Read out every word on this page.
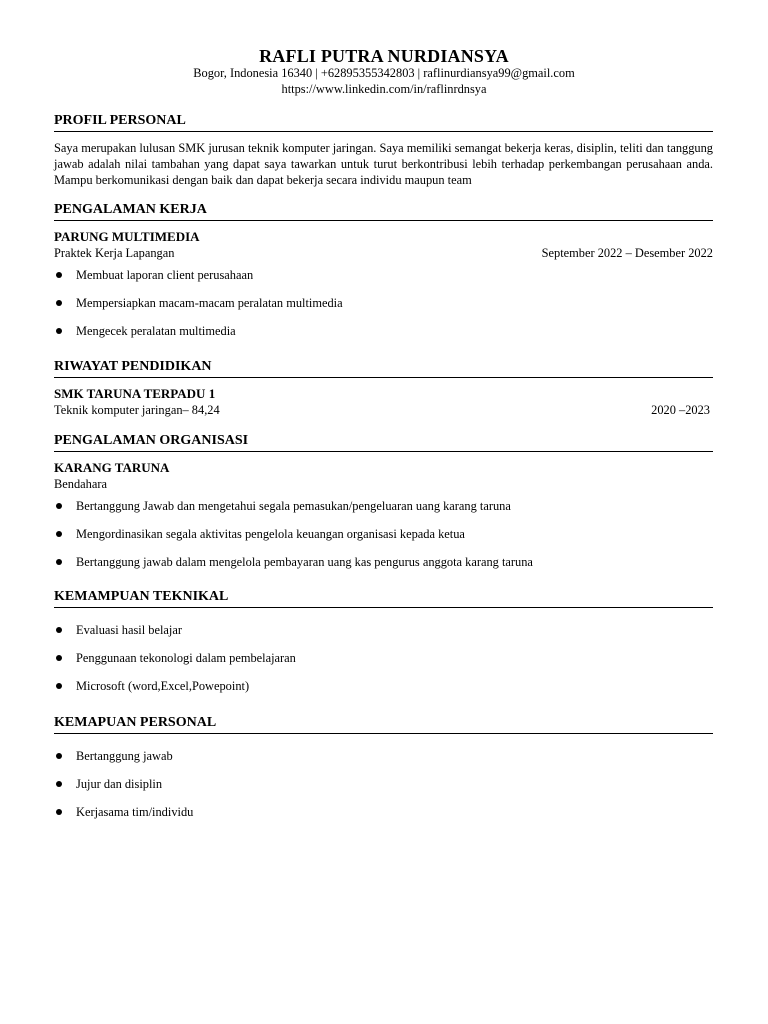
RAFLI PUTRA NURDIANSYA
Bogor, Indonesia 16340 | +62895355342803 | raflinurdiansya99@gmail.com
https://www.linkedin.com/in/raflinrdnsya
PROFIL PERSONAL
Saya merupakan lulusan SMK jurusan teknik komputer jaringan. Saya memiliki semangat bekerja keras, disiplin, teliti dan tanggung jawab adalah nilai tambahan yang dapat saya tawarkan untuk turut berkontribusi lebih terhadap perkembangan perusahaan anda. Mampu berkomunikasi dengan baik dan dapat bekerja secara individu maupun team
PENGALAMAN KERJA
PARUNG MULTIMEDIA
Praktek Kerja Lapangan	September 2022 – Desember 2022
Membuat laporan client perusahaan
Mempersiapkan macam-macam peralatan multimedia
Mengecek peralatan multimedia
RIWAYAT PENDIDIKAN
SMK TARUNA TERPADU 1
Teknik komputer jaringan– 84,24	2020 –2023
PENGALAMAN ORGANISASI
KARANG TARUNA
Bendahara
Bertanggung Jawab dan mengetahui segala pemasukan/pengeluaran uang karang taruna
Mengordinasikan segala aktivitas pengelola keuangan organisasi kepada ketua
Bertanggung jawab dalam mengelola pembayaran uang kas pengurus anggota karang taruna
KEMAMPUAN TEKNIKAL
Evaluasi hasil belajar
Penggunaan tekonologi dalam pembelajaran
Microsoft (word,Excel,Powepoint)
KEMAPUAN PERSONAL
Bertanggung jawab
Jujur dan disiplin
Kerjasama tim/individu
